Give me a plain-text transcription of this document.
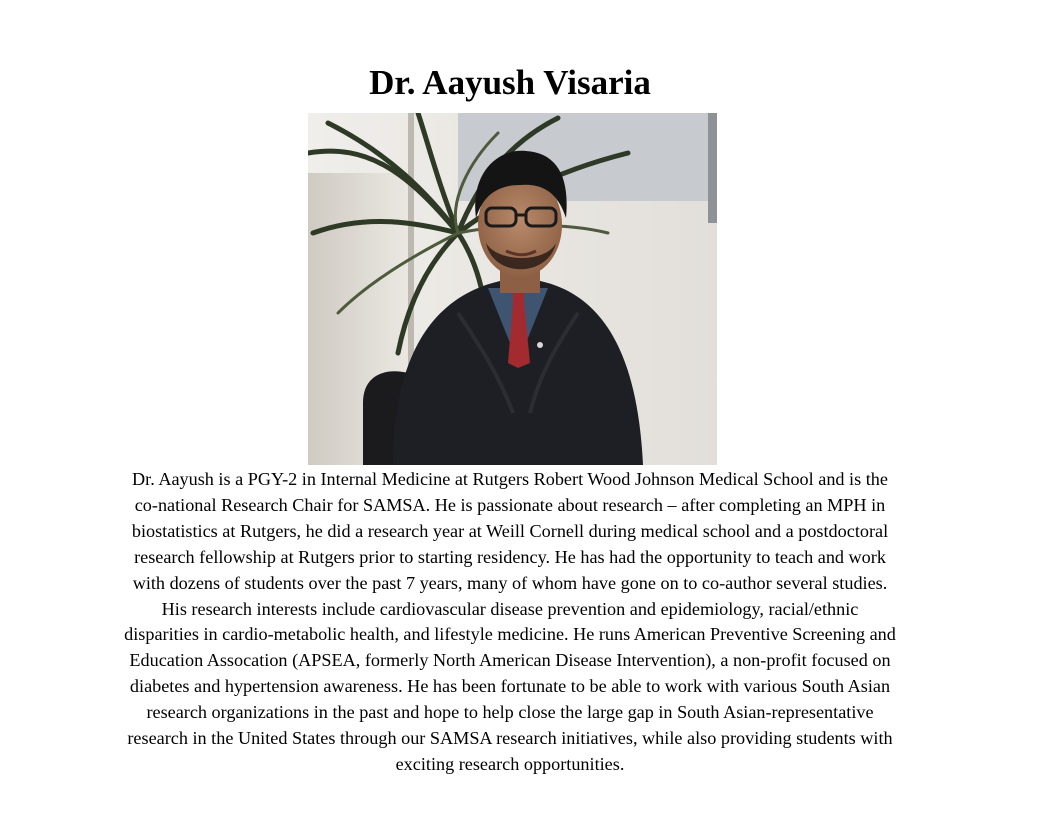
Dr. Aayush Visaria
Dr. Aayush is a PGY-2 in Internal Medicine at Rutgers Robert Wood Johnson Medical School and is the
co-national Research Chair for SAMSA. He is passionate about research – after completing an MPH in
biostatistics at Rutgers, he did a research year at Weill Cornell during medical school and a postdoctoral
research fellowship at Rutgers prior to starting residency. He has had the opportunity to teach and work
with dozens of students over the past 7 years, many of whom have gone on to co-author several studies.
His research interests include cardiovascular disease prevention and epidemiology, racial/ethnic
disparities in cardio-metabolic health, and lifestyle medicine. He runs American Preventive Screening and
Education Assocation (APSEA, formerly North American Disease Intervention), a non-profit focused on
diabetes and hypertension awareness. He has been fortunate to be able to work with various South Asian
research organizations in the past and hope to help close the large gap in South Asian-representative
research in the United States through our SAMSA research initiatives, while also providing students with
exciting research opportunities.
